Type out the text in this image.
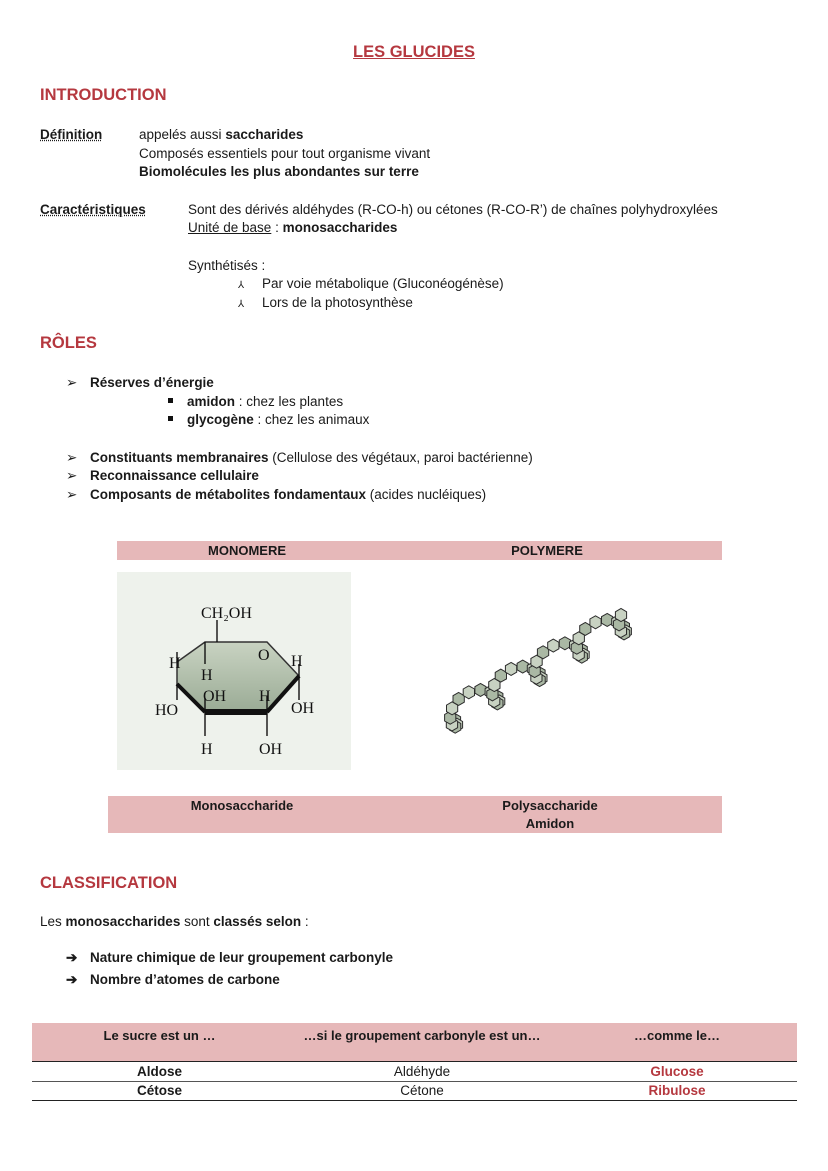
LES GLUCIDES
INTRODUCTION
Définition	appelés aussi saccharides
Composés essentiels pour tout organisme vivant
Biomolécules les plus abondantes sur terre
Caractéristiques	Sont des dérivés aldéhydes (R-CO-h) ou cétones (R-CO-R’) de chaînes polyhydroxylées
Unité de base : monosaccharides
Synthétisés :
⅄ Par voie métabolique (Gluconéogénèse)
⅄ Lors de la photosynthèse
RÔLES
➢ Réserves d’énergie
amidon : chez les plantes
glycogène : chez les animaux
➢ Constituants membranaires (Cellulose des végétaux, paroi bactérienne)
➢ Reconnaissance cellulaire
➢ Composants de métabolites fondamentaux (acides nucléiques)
MONOMERE	POLYMERE
CH₂OH
O
H
H
H
OH H
HO	OH
H	OH
Monosaccharide	Polysaccharide
Amidon
CLASSIFICATION
Les monosaccharides sont classés selon :
➔ Nature chimique de leur groupement carbonyle
➔ Nombre d’atomes de carbone
Le sucre est un …	…si le groupement carbonyle est un…	…comme le…
Aldose	Aldéhyde	Glucose
Cétose	Cétone	Ribulose
